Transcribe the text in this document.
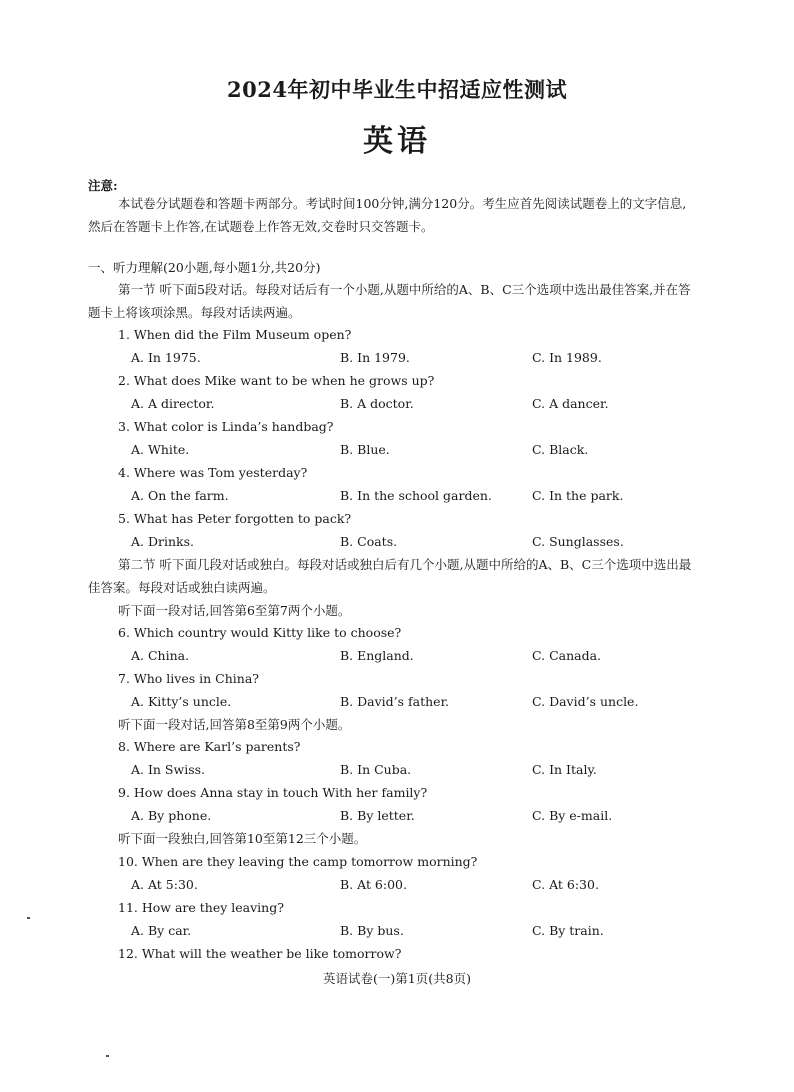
2024年初中毕业生中招适应性测试
英语
注意:
本试卷分试题卷和答题卡两部分。考试时间100分钟,满分120分。考生应首先阅读试题卷上的文字信息,
然后在答题卡上作答,在试题卷上作答无效,交卷时只交答题卡。
一、听力理解(20小题,每小题1分,共20分)
第一节 听下面5段对话。每段对话后有一个小题,从题中所给的A、B、C三个选项中选出最佳答案,并在答
题卡上将该项涂黑。每段对话读两遍。
1. When did the Film Museum open?
A. In 1975.	B. In 1979.	C. In 1989.
2. What does Mike want to be when he grows up?
A. A director.	B. A doctor.	C. A dancer.
3. What color is Linda’s handbag?
A. White.	B. Blue.	C. Black.
4. Where was Tom yesterday?
A. On the farm.	B. In the school garden.	C. In the park.
5. What has Peter forgotten to pack?
A. Drinks.	B. Coats.	C. Sunglasses.
第二节 听下面几段对话或独白。每段对话或独白后有几个小题,从题中所给的A、B、C三个选项中选出最
佳答案。每段对话或独白读两遍。
听下面一段对话,回答第6至第7两个小题。
6. Which country would Kitty like to choose?
A. China.	B. England.	C. Canada.
7. Who lives in China?
A. Kitty’s uncle.	B. David’s father.	C. David’s uncle.
听下面一段对话,回答第8至第9两个小题。
8. Where are Karl’s parents?
A. In Swiss.	B. In Cuba.	C. In Italy.
9. How does Anna stay in touch With her family?
A. By phone.	B. By letter.	C. By e-mail.
听下面一段独白,回答第10至第12三个小题。
10. When are they leaving the camp tomorrow morning?
A. At 5:30.	B. At 6:00.	C. At 6:30.
11. How are they leaving?
A. By car.	B. By bus.	C. By train.
12. What will the weather be like tomorrow?
英语试卷(一)第1页(共8页)
